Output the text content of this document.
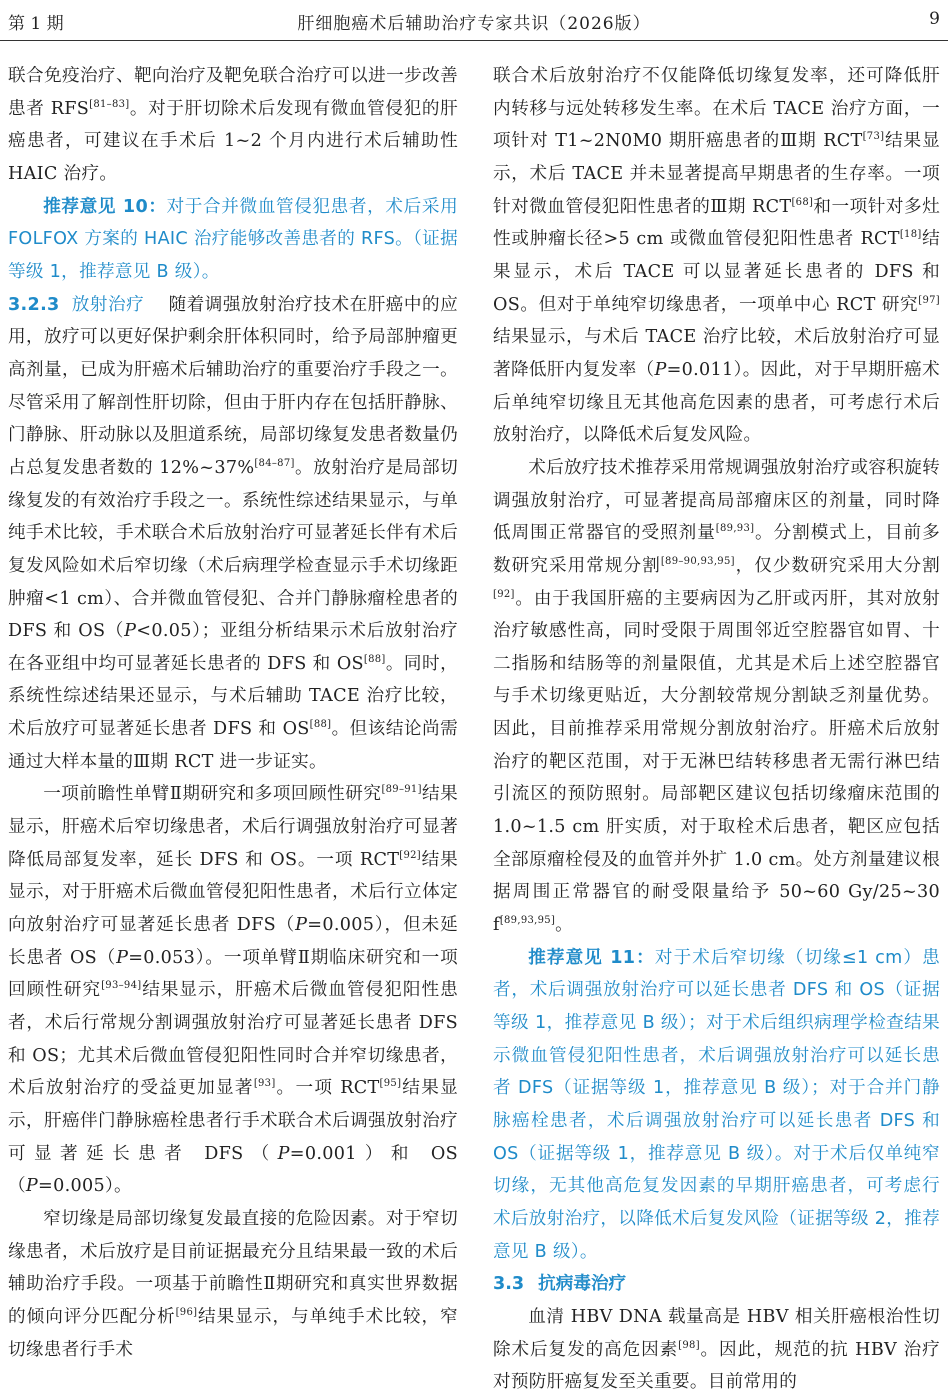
第 1 期	肝细胞癌术后辅助治疗专家共识（2026版）	9

联合免疫治疗、靶向治疗及靶免联合治疗可以进一步改善患者 RFS[81–83]。对于肝切除术后发现有微血管侵犯的肝癌患者，可建议在手术后 1~2 个月内进行术后辅助性 HAIC 治疗。

推荐意见 10：对于合并微血管侵犯患者，术后采用 FOLFOX 方案的 HAIC 治疗能够改善患者的 RFS。（证据等级 1，推荐意见 B 级）。

3.2.3 放射治疗 随着调强放射治疗技术在肝癌中的应用，放疗可以更好保护剩余肝体积同时，给予局部肿瘤更高剂量，已成为肝癌术后辅助治疗的重要治疗手段之一。尽管采用了解剖性肝切除，但由于肝内存在包括肝静脉、门静脉、肝动脉以及胆道系统，局部切缘复发患者数量仍占总复发患者数的 12%~37%[84–87]。放射治疗是局部切缘复发的有效治疗手段之一。系统性综述结果显示，与单纯手术比较，手术联合术后放射治疗可显著延长伴有术后复发风险如术后窄切缘（术后病理学检查显示手术切缘距肿瘤<1 cm）、合并微血管侵犯、合并门静脉瘤栓患者的 DFS 和 OS（P<0.05）；亚组分析结果示术后放射治疗在各亚组中均可显著延长患者的 DFS 和 OS[88]。同时，系统性综述结果还显示，与术后辅助 TACE 治疗比较，术后放疗可显著延长患者 DFS 和 OS[88]。但该结论尚需通过大样本量的Ⅲ期 RCT 进一步证实。

一项前瞻性单臂Ⅱ期研究和多项回顾性研究[89–91]结果显示，肝癌术后窄切缘患者，术后行调强放射治疗可显著降低局部复发率，延长 DFS 和 OS。一项 RCT[92]结果显示，对于肝癌术后微血管侵犯阳性患者，术后行立体定向放射治疗可显著延长患者 DFS（P=0.005），但未延长患者 OS（P=0.053）。一项单臂Ⅱ期临床研究和一项回顾性研究[93–94]结果显示，肝癌术后微血管侵犯阳性患者，术后行常规分割调强放射治疗可显著延长患者 DFS 和 OS；尤其术后微血管侵犯阳性同时合并窄切缘患者，术后放射治疗的受益更加显著[93]。一项 RCT[95]结果显示，肝癌伴门静脉癌栓患者行手术联合术后调强放射治疗可显著延长患者 DFS（P=0.001）和 OS（P=0.005）。

窄切缘是局部切缘复发最直接的危险因素。对于窄切缘患者，术后放疗是目前证据最充分且结果最一致的术后辅助治疗手段。一项基于前瞻性Ⅱ期研究和真实世界数据的倾向评分匹配分析[96]结果显示，与单纯手术比较，窄切缘患者行手术

联合术后放射治疗不仅能降低切缘复发率，还可降低肝内转移与远处转移发生率。在术后 TACE 治疗方面，一项针对 T1~2N0M0 期肝癌患者的Ⅲ期 RCT[73]结果显示，术后 TACE 并未显著提高早期患者的生存率。一项针对微血管侵犯阳性患者的Ⅲ期 RCT[68]和一项针对多灶性或肿瘤长径>5 cm 或微血管侵犯阳性患者 RCT[18]结果显示，术后 TACE 可以显著延长患者的 DFS 和 OS。但对于单纯窄切缘患者，一项单中心 RCT 研究[97]结果显示，与术后 TACE 治疗比较，术后放射治疗可显著降低肝内复发率（P=0.011）。因此，对于早期肝癌术后单纯窄切缘且无其他高危因素的患者，可考虑行术后放射治疗，以降低术后复发风险。

术后放疗技术推荐采用常规调强放射治疗或容积旋转调强放射治疗，可显著提高局部瘤床区的剂量，同时降低周围正常器官的受照剂量[89,93]。分割模式上，目前多数研究采用常规分割[89–90,93,95]，仅少数研究采用大分割[92]。由于我国肝癌的主要病因为乙肝或丙肝，其对放射治疗敏感性高，同时受限于周围邻近空腔器官如胃、十二指肠和结肠等的剂量限值，尤其是术后上述空腔器官与手术切缘更贴近，大分割较常规分割缺乏剂量优势。因此，目前推荐采用常规分割放射治疗。肝癌术后放射治疗的靶区范围，对于无淋巴结转移患者无需行淋巴结引流区的预防照射。局部靶区建议包括切缘瘤床范围的 1.0~1.5 cm 肝实质，对于取栓术后患者，靶区应包括全部原瘤栓侵及的血管并外扩 1.0 cm。处方剂量建议根据周围正常器官的耐受限量给予 50~60 Gy/25~30 f[89,93,95]。

推荐意见 11：对于术后窄切缘（切缘≤1 cm）患者，术后调强放射治疗可以延长患者 DFS 和 OS（证据等级 1，推荐意见 B 级）；对于术后组织病理学检查结果示微血管侵犯阳性患者，术后调强放射治疗可以延长患者 DFS（证据等级 1，推荐意见 B 级）；对于合并门静脉癌栓患者，术后调强放射治疗可以延长患者 DFS 和 OS（证据等级 1，推荐意见 B 级）。对于术后仅单纯窄切缘，无其他高危复发因素的早期肝癌患者，可考虑行术后放射治疗，以降低术后复发风险（证据等级 2，推荐意见 B 级）。

3.3 抗病毒治疗

血清 HBV DNA 载量高是 HBV 相关肝癌根治性切除术后复发的高危因素[98]。因此，规范的抗 HBV 治疗对预防肝癌复发至关重要。目前常用的
